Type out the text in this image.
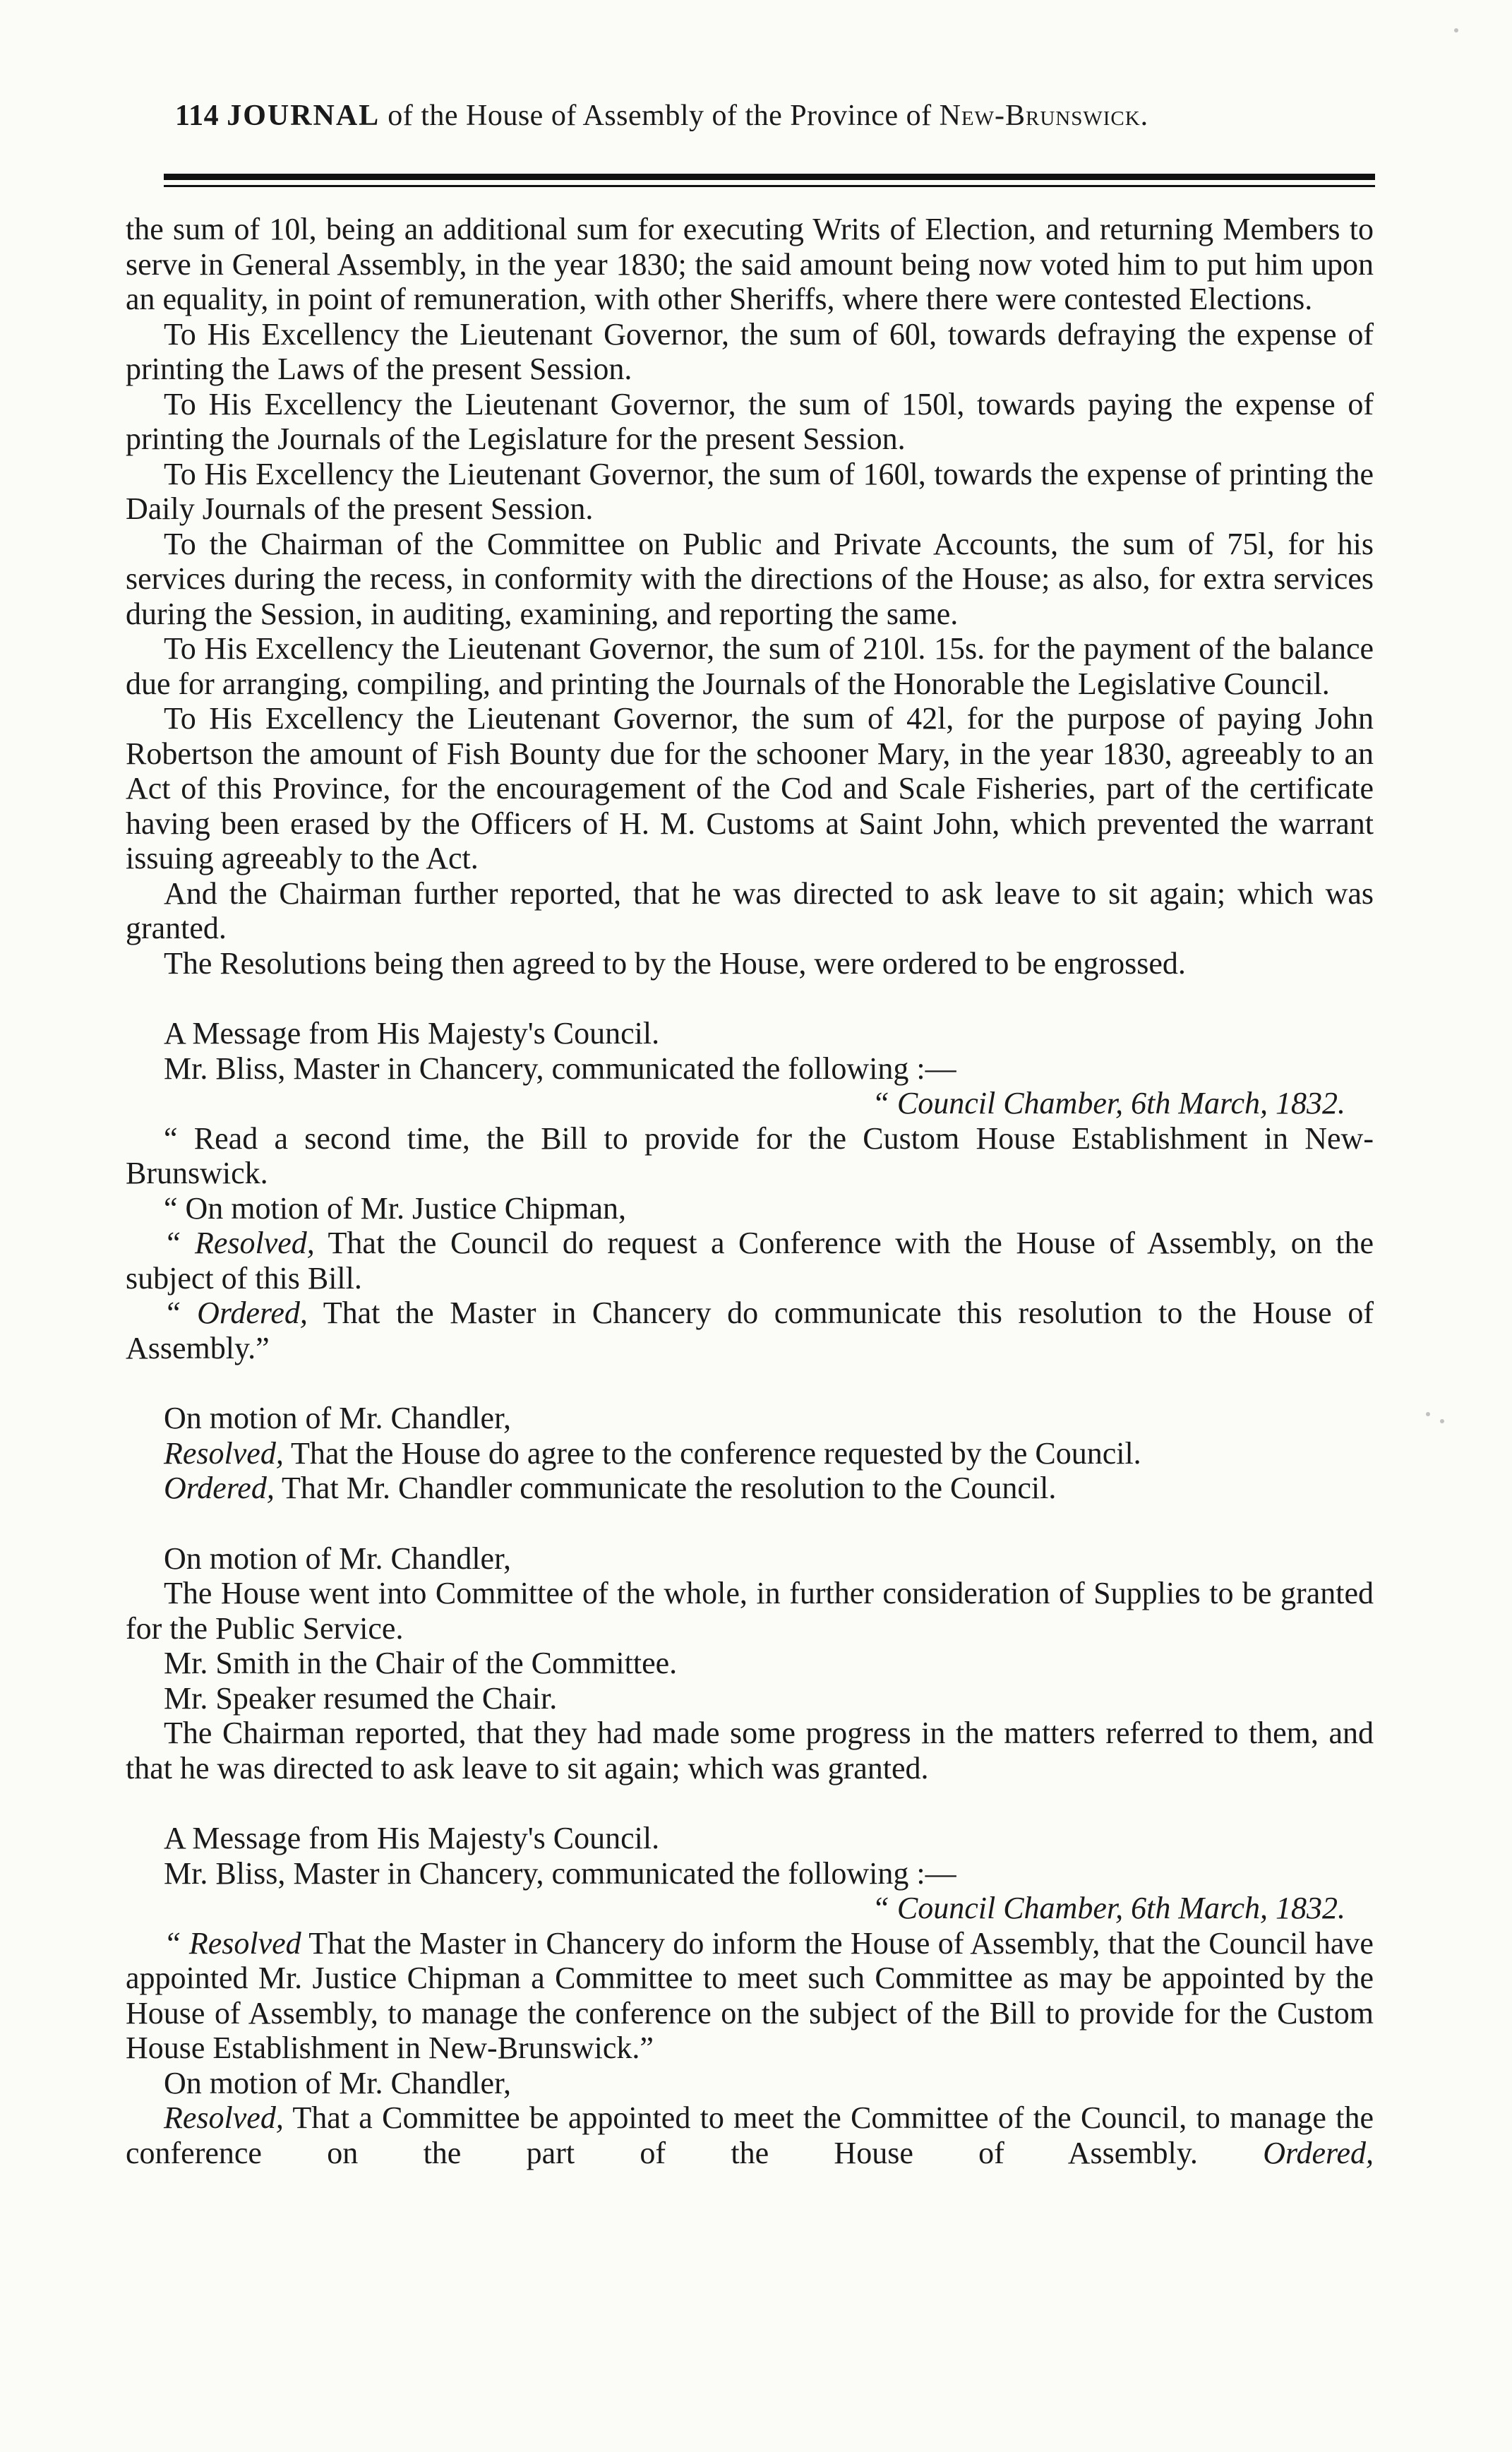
114 JOURNAL of the House of Assembly of the Province of New-Brunswick.

the sum of 10l, being an additional sum for executing Writs of Election, and returning Members to serve in General Assembly, in the year 1830; the said amount being now voted him to put him upon an equality, in point of remuneration, with other Sheriffs, where there were contested Elections.

To His Excellency the Lieutenant Governor, the sum of 60l, towards defraying the expense of printing the Laws of the present Session.

To His Excellency the Lieutenant Governor, the sum of 150l, towards paying the expense of printing the Journals of the Legislature for the present Session.

To His Excellency the Lieutenant Governor, the sum of 160l, towards the expense of printing the Daily Journals of the present Session.

To the Chairman of the Committee on Public and Private Accounts, the sum of 75l, for his services during the recess, in conformity with the directions of the House; as also, for extra services during the Session, in auditing, examining, and reporting the same.

To His Excellency the Lieutenant Governor, the sum of 210l. 15s. for the payment of the balance due for arranging, compiling, and printing the Journals of the Honorable the Legislative Council.

To His Excellency the Lieutenant Governor, the sum of 42l, for the purpose of paying John Robertson the amount of Fish Bounty due for the schooner Mary, in the year 1830, agreeably to an Act of this Province, for the encouragement of the Cod and Scale Fisheries, part of the certificate having been erased by the Officers of H. M. Customs at Saint John, which prevented the warrant issuing agreeably to the Act.

And the Chairman further reported, that he was directed to ask leave to sit again; which was granted.

The Resolutions being then agreed to by the House, were ordered to be engrossed.

A Message from His Majesty's Council.

Mr. Bliss, Master in Chancery, communicated the following :—

“ Council Chamber, 6th March, 1832.

“ Read a second time, the Bill to provide for the Custom House Establishment in New-Brunswick.

“ On motion of Mr. Justice Chipman,

“ Resolved, That the Council do request a Conference with the House of Assembly, on the subject of this Bill.

“ Ordered, That the Master in Chancery do communicate this resolution to the House of Assembly.”

On motion of Mr. Chandler,

Resolved, That the House do agree to the conference requested by the Council.

Ordered, That Mr. Chandler communicate the resolution to the Council.

On motion of Mr. Chandler,

The House went into Committee of the whole, in further consideration of Supplies to be granted for the Public Service.

Mr. Smith in the Chair of the Committee.

Mr. Speaker resumed the Chair.

The Chairman reported, that they had made some progress in the matters referred to them, and that he was directed to ask leave to sit again; which was granted.

A Message from His Majesty's Council.

Mr. Bliss, Master in Chancery, communicated the following :—

“ Council Chamber, 6th March, 1832.

“ Resolved That the Master in Chancery do inform the House of Assembly, that the Council have appointed Mr. Justice Chipman a Committee to meet such Committee as may be appointed by the House of Assembly, to manage the conference on the subject of the Bill to provide for the Custom House Establishment in New-Brunswick.”

On motion of Mr. Chandler,

Resolved, That a Committee be appointed to meet the Committee of the Council, to manage the conference on the part of the House of Assembly. Ordered,
